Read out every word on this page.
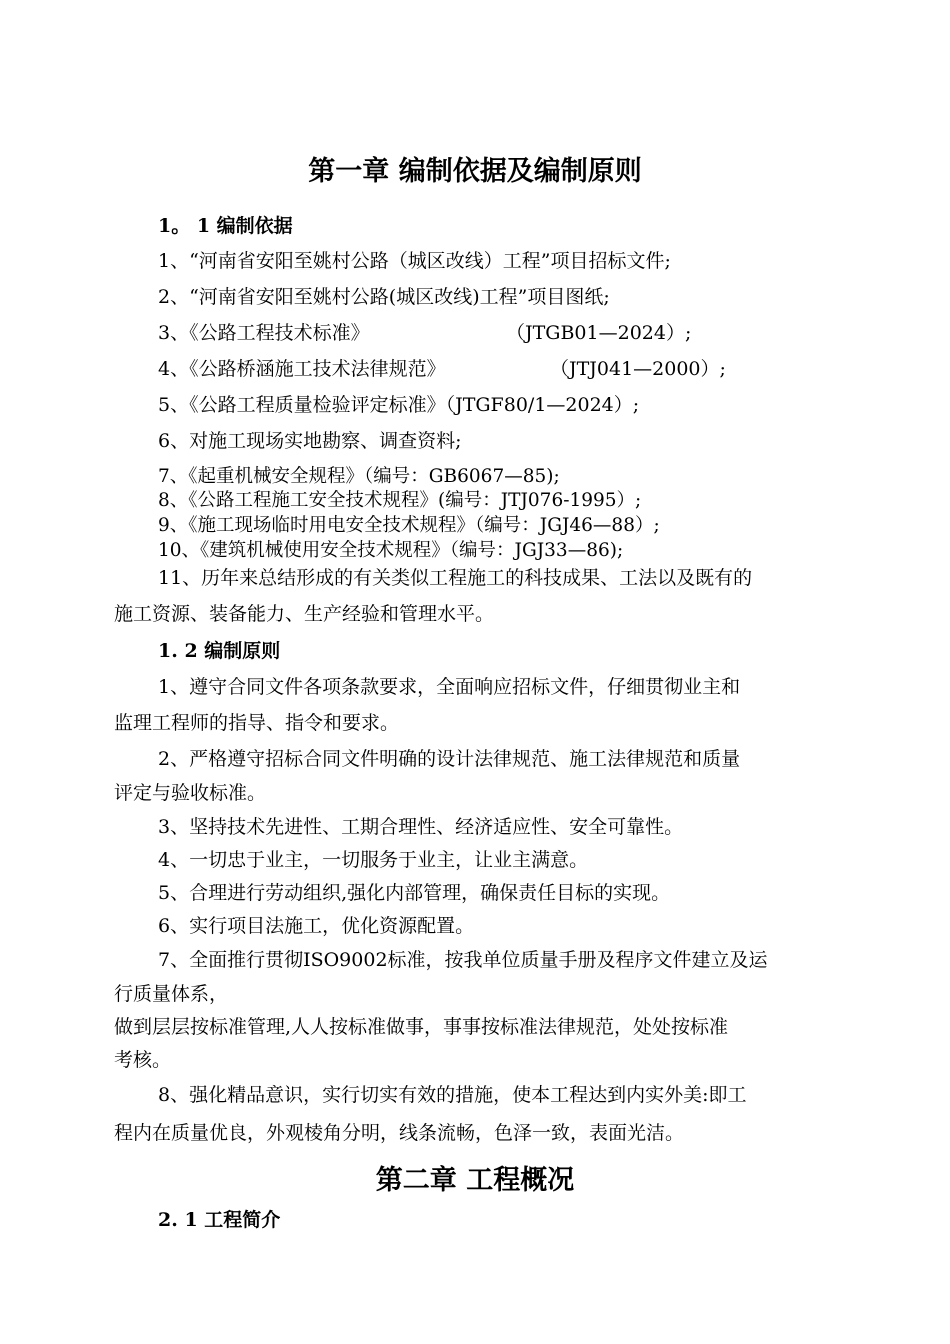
第一章 编制依据及编制原则
1。 1 编制依据
1、“河南省安阳至姚村公路（城区改线）工程”项目招标文件;
2、“河南省安阳至姚村公路(城区改线)工程”项目图纸;
3、《公路工程技术标准》	（JTGB01—2024）;
4、《公路桥涵施工技术法律规范》	（JTJ041—2000）;
5、《公路工程质量检验评定标准》（JTGF80/1—2024）;
6、对施工现场实地勘察、调查资料;
7、《起重机械安全规程》（编号：GB6067—85);
8、《公路工程施工安全技术规程》(编号：JTJ076-1995）;
9、《施工现场临时用电安全技术规程》（编号：JGJ46—88）;
10、《建筑机械使用安全技术规程》（编号：JGJ33—86);
11、历年来总结形成的有关类似工程施工的科技成果、工法以及既有的
施工资源、装备能力、生产经验和管理水平。
1. 2 编制原则
1、遵守合同文件各项条款要求，全面响应招标文件，仔细贯彻业主和
监理工程师的指导、指令和要求。
2、严格遵守招标合同文件明确的设计法律规范、施工法律规范和质量
评定与验收标准。
3、坚持技术先进性、工期合理性、经济适应性、安全可靠性。
4、一切忠于业主，一切服务于业主，让业主满意。
5、合理进行劳动组织,强化内部管理，确保责任目标的实现。
6、实行项目法施工，优化资源配置。
7、全面推行贯彻ISO9002标准，按我单位质量手册及程序文件建立及运
行质量体系，
做到层层按标准管理,人人按标准做事，事事按标准法律规范，处处按标准
考核。
8、强化精品意识，实行切实有效的措施，使本工程达到内实外美:即工
程内在质量优良，外观棱角分明，线条流畅，色泽一致，表面光洁。
第二章 工程概况
2. 1 工程简介
